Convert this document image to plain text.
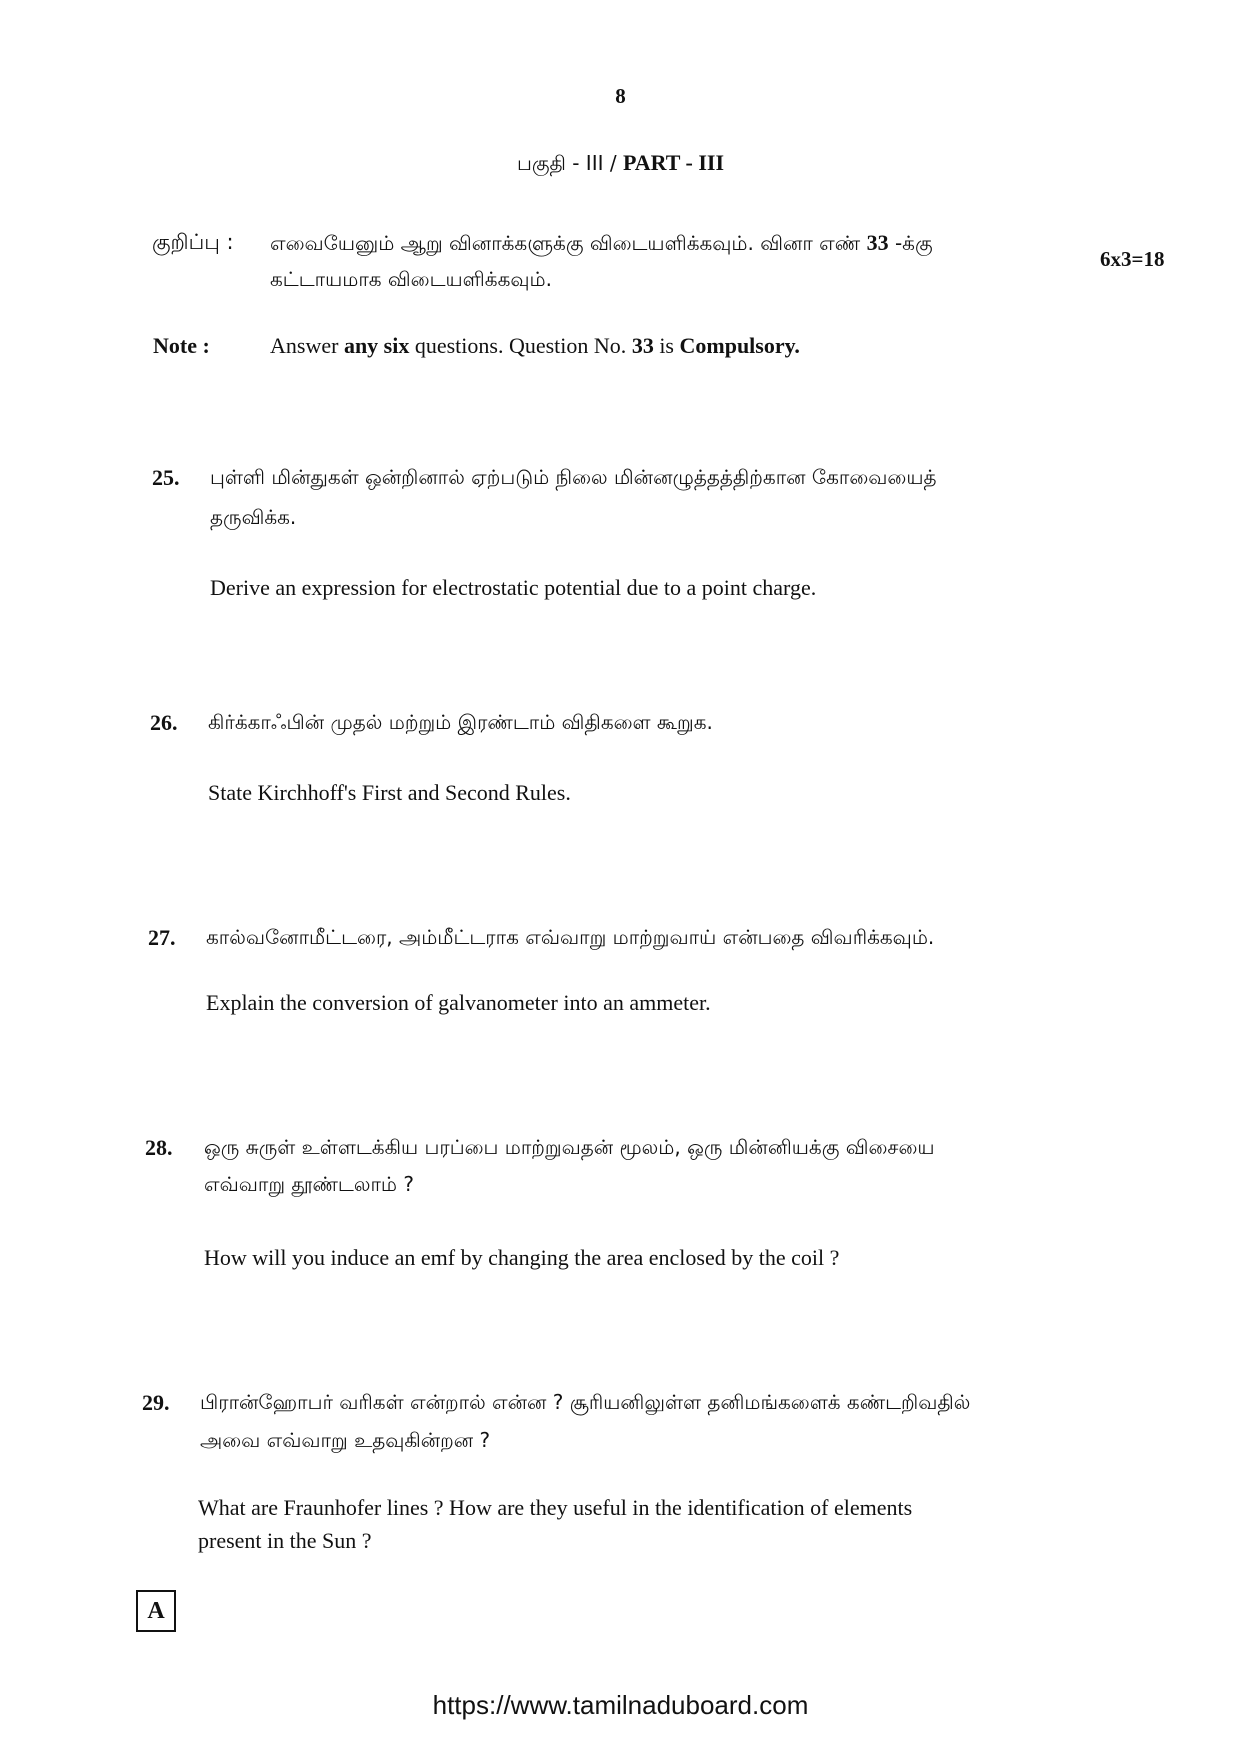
8
பகுதி - III / PART - III
குறிப்பு : எவையேனும் ஆறு வினாக்களுக்கு விடையளிக்கவும். வினா எண் 33 -க்கு
6x3=18
கட்டாயமாக விடையளிக்கவும்.
Note :	Answer any six questions. Question No. 33 is Compulsory.
25.	புள்ளி மின்துகள் ஒன்றினால் ஏற்படும் நிலை மின்னழுத்தத்திற்கான கோவையைத்
தருவிக்க.
Derive an expression for electrostatic potential due to a point charge.
26.	கிர்க்காஃபின் முதல் மற்றும் இரண்டாம் விதிகளை கூறுக.
State Kirchhoff's First and Second Rules.
27.	கால்வனோமீட்டரை, அம்மீட்டராக எவ்வாறு மாற்றுவாய் என்பதை விவரிக்கவும்.
Explain the conversion of galvanometer into an ammeter.
28.	ஒரு சுருள் உள்ளடக்கிய பரப்பை மாற்றுவதன் மூலம், ஒரு மின்னியக்கு விசையை
எவ்வாறு தூண்டலாம் ?
How will you induce an emf by changing the area enclosed by the coil ?
29.	பிரான்ஹோபர் வரிகள் என்றால் என்ன ? சூரியனிலுள்ள தனிமங்களைக் கண்டறிவதில்
அவை எவ்வாறு உதவுகின்றன ?
What are Fraunhofer lines ? How are they useful in the identification of elements
present in the Sun ?
A
https://www.tamilnaduboard.com
